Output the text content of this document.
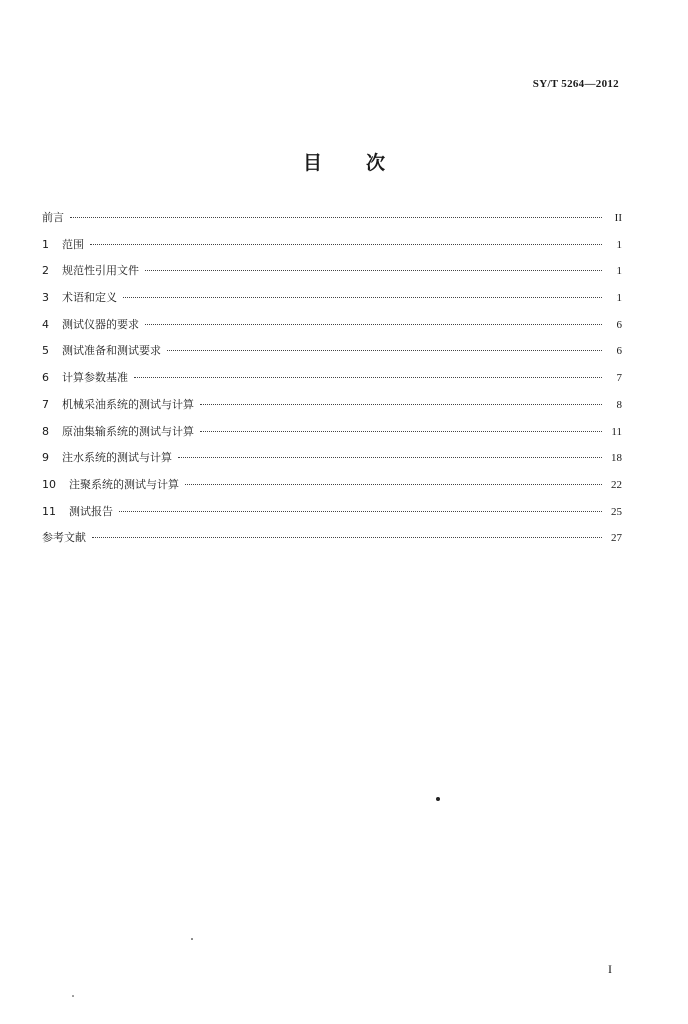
SY/T 5264—2012
目 次
前言	II
1	范围	1
2	规范性引用文件	1
3	术语和定义	1
4	测试仪器的要求	6
5	测试准备和测试要求	6
6	计算参数基准	7
7	机械采油系统的测试与计算	8
8	原油集输系统的测试与计算	11
9	注水系统的测试与计算	18
10	注聚系统的测试与计算	22
11	测试报告	25
参考文献	27
I
